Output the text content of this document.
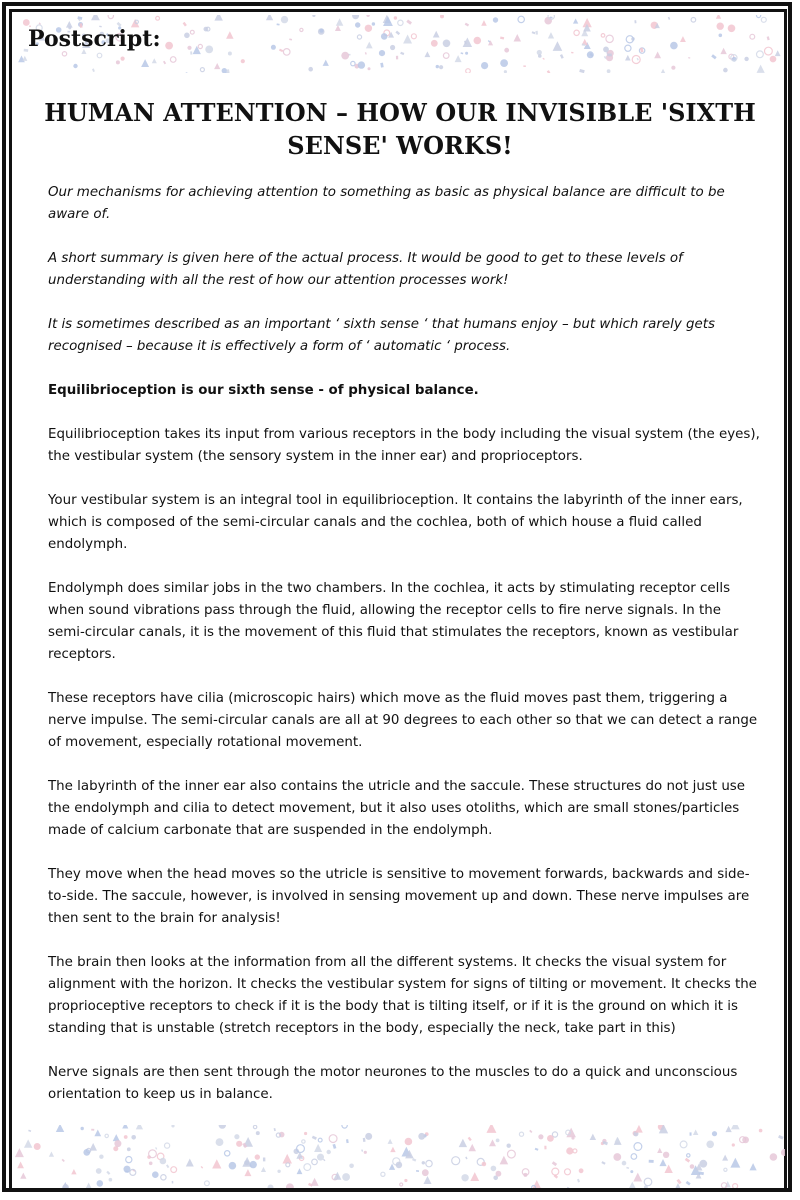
Postscript:
HUMAN ATTENTION – HOW OUR INVISIBLE 'SIXTH SENSE' WORKS!

Our mechanisms for achieving attention to something as basic as physical balance are difficult to be aware of.

A short summary is given here of the actual process. It would be good to get to these levels of understanding with all the rest of how our attention processes work!

It is sometimes described as an important ‘ sixth sense ‘ that humans enjoy – but which rarely gets recognised – because it is effectively a form of ‘ automatic ‘ process.

Equilibrioception is our sixth sense - of physical balance.

Equilibrioception takes its input from various receptors in the body including the visual system (the eyes), the vestibular system (the sensory system in the inner ear) and proprioceptors.

Your vestibular system is an integral tool in equilibrioception. It contains the labyrinth of the inner ears, which is composed of the semi-circular canals and the cochlea, both of which house a fluid called endolymph.

Endolymph does similar jobs in the two chambers. In the cochlea, it acts by stimulating receptor cells when sound vibrations pass through the fluid, allowing the receptor cells to fire nerve signals. In the semi-circular canals, it is the movement of this fluid that stimulates the receptors, known as vestibular receptors.

These receptors have cilia (microscopic hairs) which move as the fluid moves past them, triggering a nerve impulse. The semi-circular canals are all at 90 degrees to each other so that we can detect a range of movement, especially rotational movement.

The labyrinth of the inner ear also contains the utricle and the saccule. These structures do not just use the endolymph and cilia to detect movement, but it also uses otoliths, which are small stones/particles made of calcium carbonate that are suspended in the endolymph.

They move when the head moves so the utricle is sensitive to movement forwards, backwards and side-to-side. The saccule, however, is involved in sensing movement up and down. These nerve impulses are then sent to the brain for analysis!

The brain then looks at the information from all the different systems. It checks the visual system for alignment with the horizon. It checks the vestibular system for signs of tilting or movement. It checks the proprioceptive receptors to check if it is the body that is tilting itself, or if it is the ground on which it is standing that is unstable (stretch receptors in the body, especially the neck, take part in this)

Nerve signals are then sent through the motor neurones to the muscles to do a quick and unconscious orientation to keep us in balance.
